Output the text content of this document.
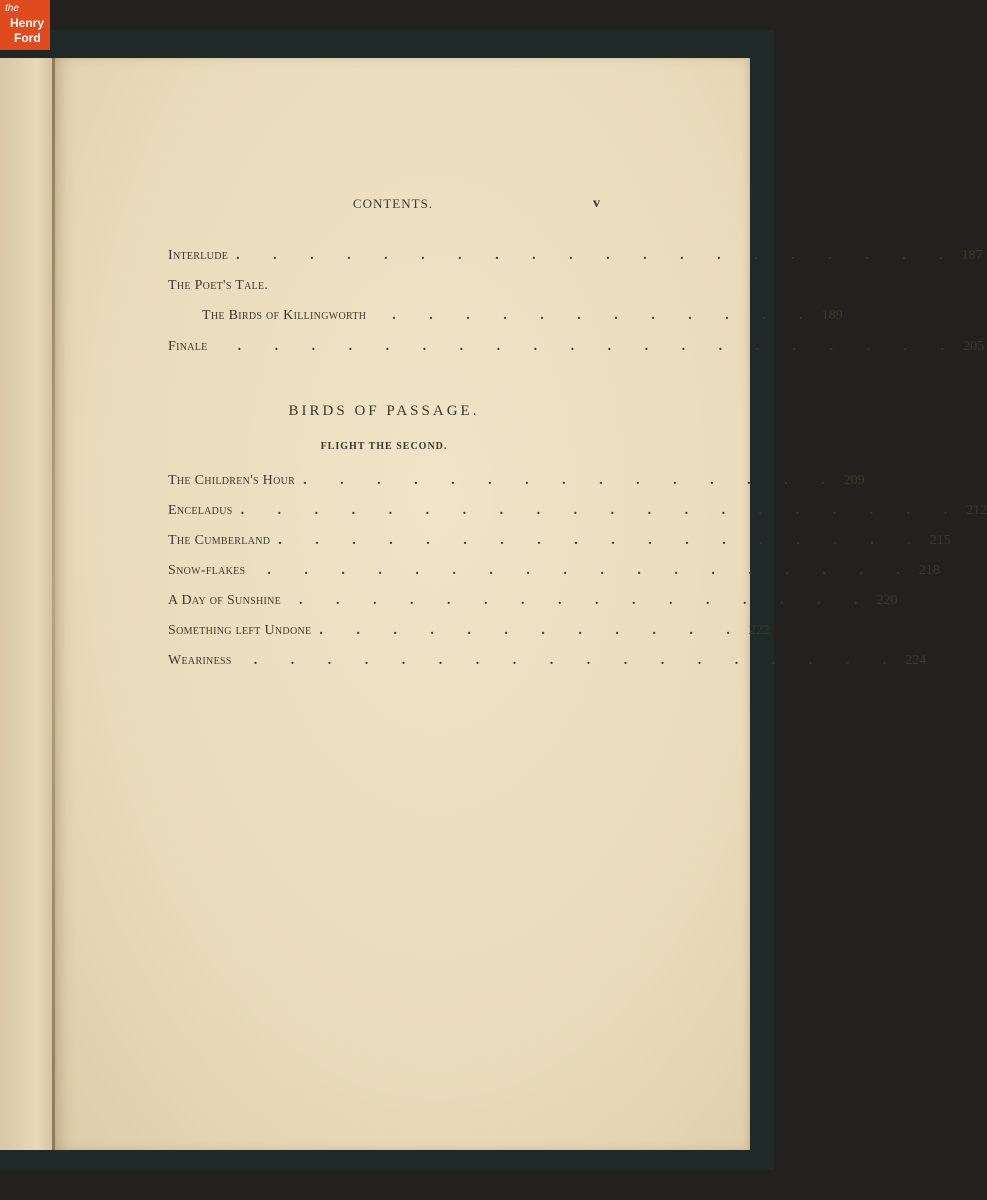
the
Henry
Ford
CONTENTS.	v
Interlude . . . . . . . . . . . . . . . . . . . . 187
The Poet's Tale.
The Birds of Killingworth	. . . . . . . . . . . . 189
Finale	. . . . . . . . . . . . . . . . . . . . 205
BIRDS OF PASSAGE.
FLIGHT THE SECOND.
The Children's Hour . . . . . . . . . . . . . . . 209
Enceladus . . . . . . . . . . . . . . . . . . . . 212
The Cumberland . . . . . . . . . . . . . . . . . . 215
Snow-flakes	. . . . . . . . . . . . . . . . . . 218
A Day of Sunshine	. . . . . . . . . . . . . . . . 220
Something left Undone . . . . . . . . . . . . 222
Weariness	. . . . . . . . . . . . . . . . . . 224
